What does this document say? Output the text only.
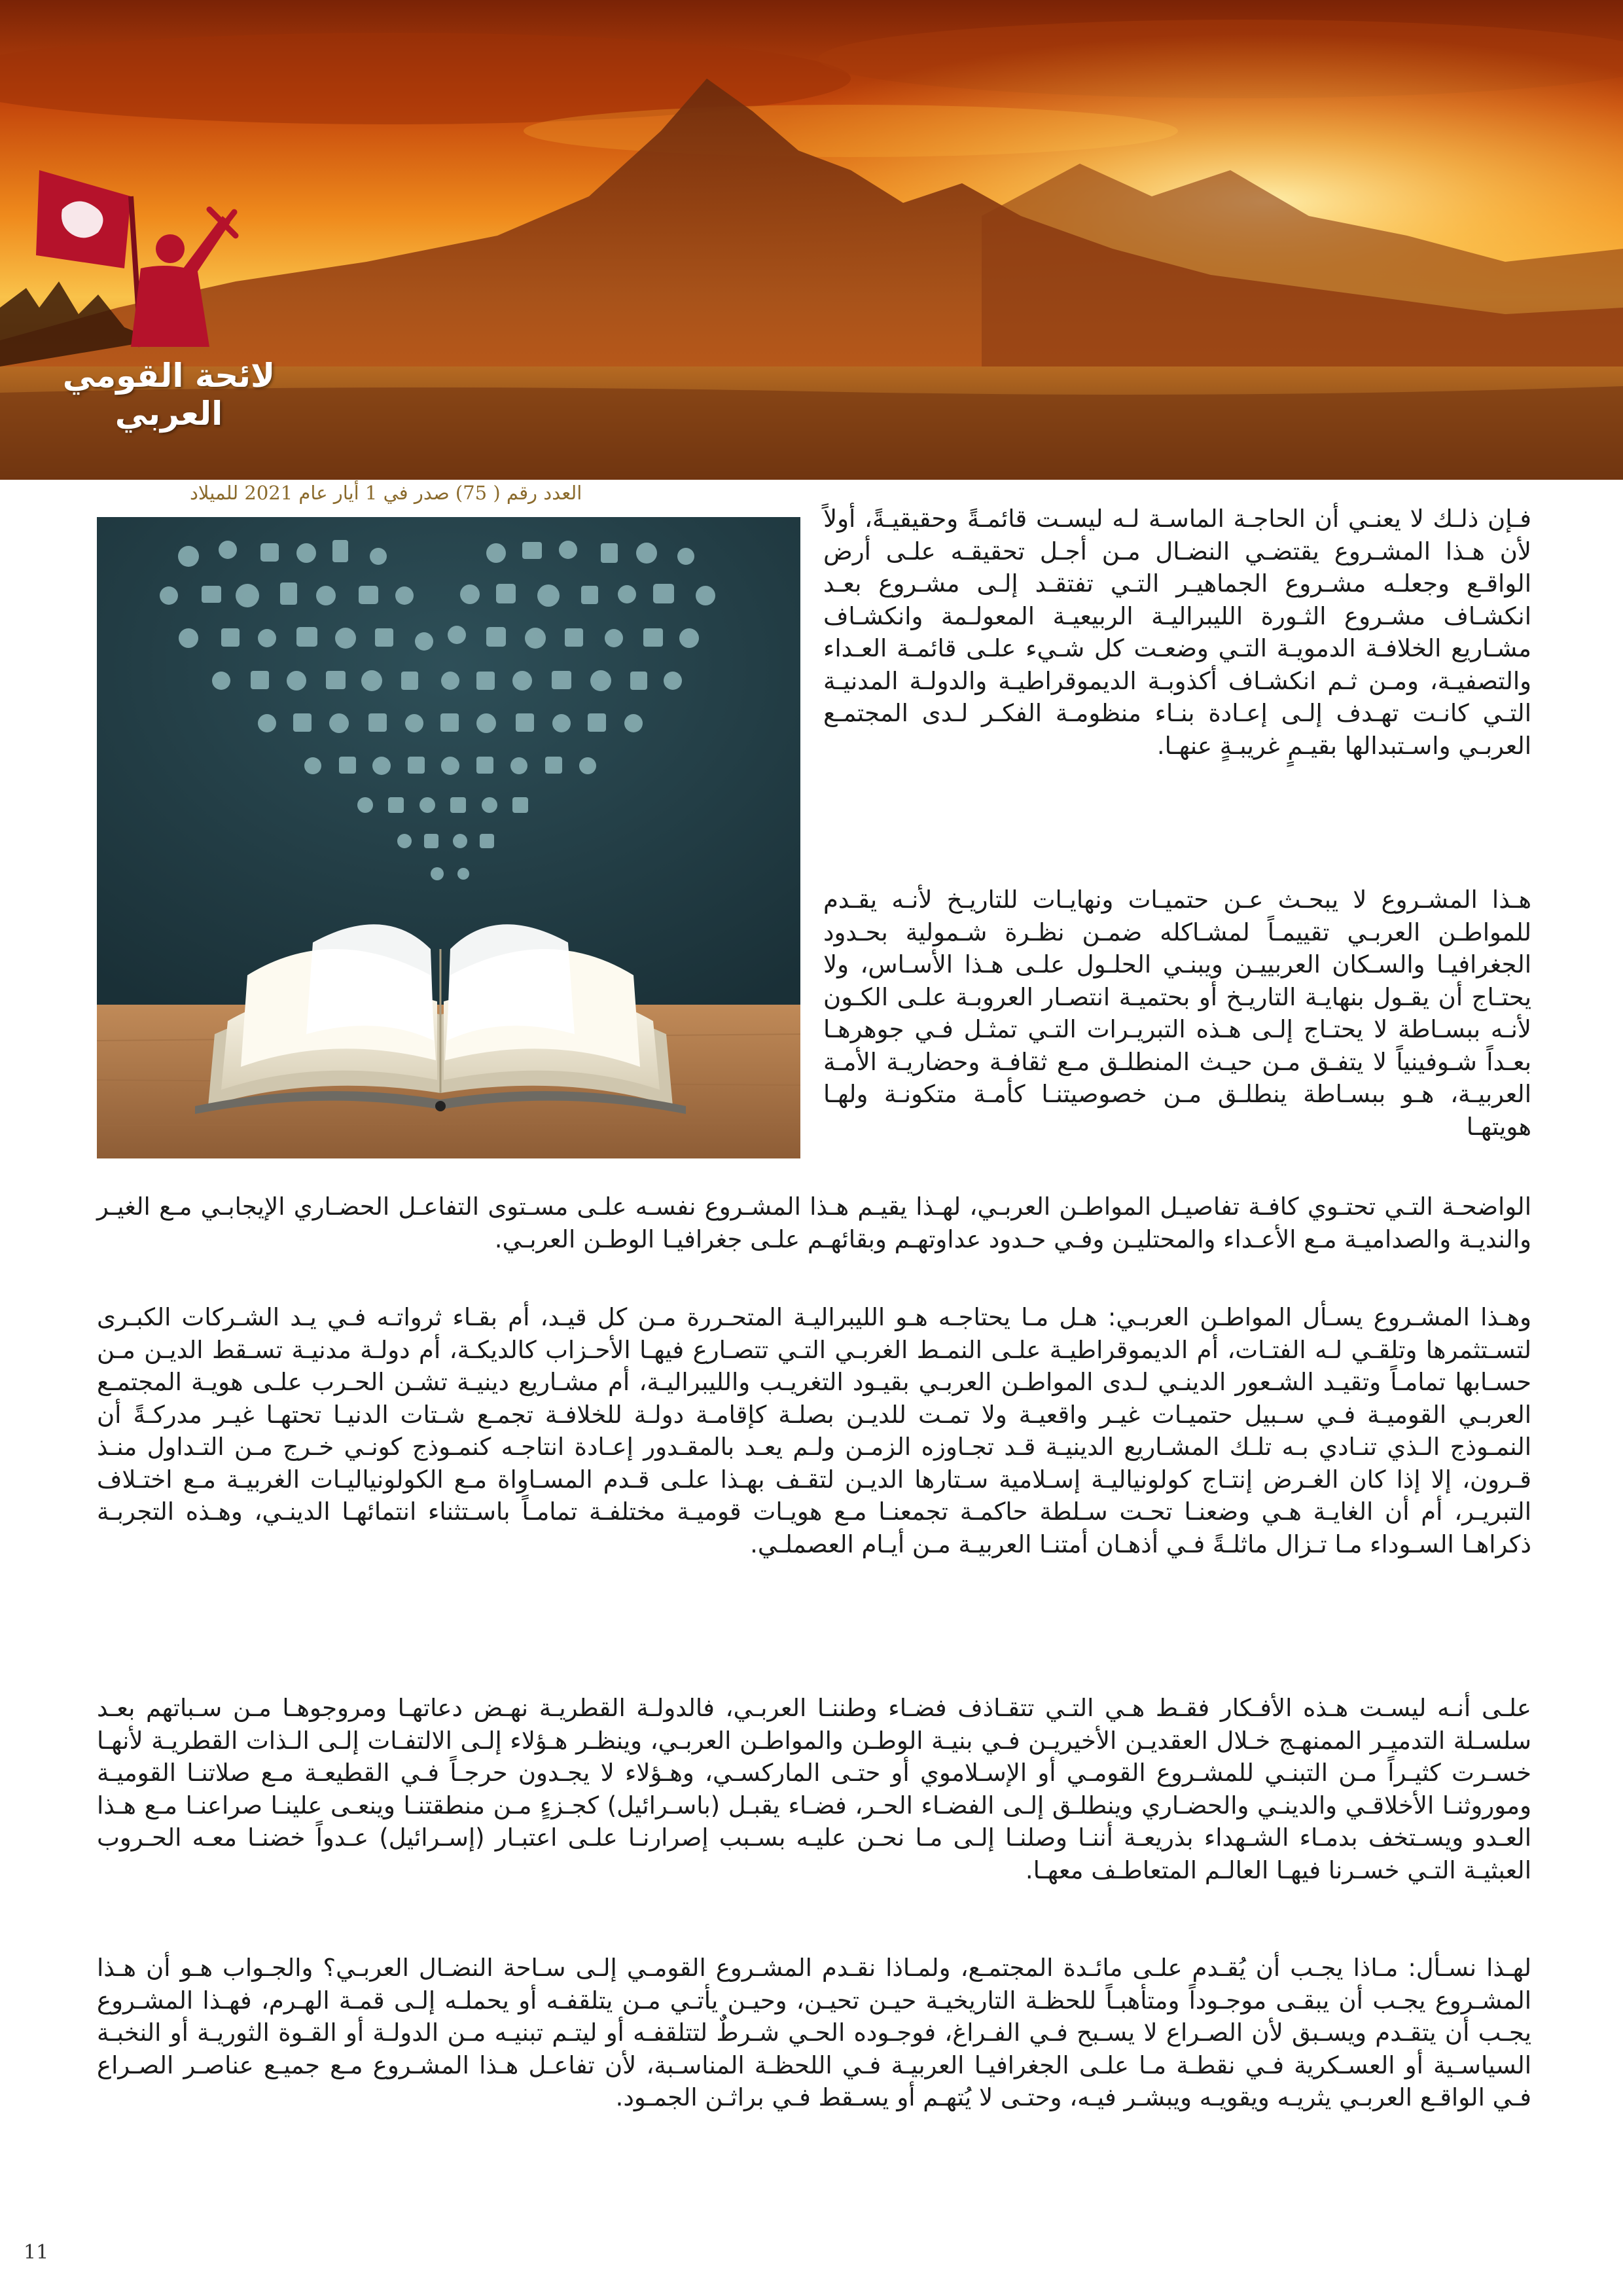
لائحة القومي العربي
العدد رقم ( 75) صدر في 1 أيار عام 2021 للميلاد

فـإن ذلـك لا يعنـي أن الحاجـة الماسـة لـه ليسـت قائمـةً وحقيقيـةً، أولاً لأن هـذا المشـروع يقتضـي النضـال مـن أجـل تحقيقـه علـى أرض الواقـع وجعلـه مشـروع الجماهيـر التـي تفتقـد إلـى مشـروع بعـد انكشـاف مشـروع الثـورة الليبراليـة الربيعيـة المعولـمة وانكشـاف مشـاريع الخلافـة الدمويـة التـي وضعـت كل شـيء علـى قائمـة العـداء والتصفيـة، ومـن ثـم انكشـاف أكذوبـة الديموقراطيـة والدولـة المدنيـة التـي كانـت تهـدف إلـى إعـادة بنـاء منظومـة الفكـر لـدى المجتمـع العربـي واسـتبدالها بقيـمٍ غريبـةٍ عنهـا.

هـذا المشـروع لا يبحـث عـن حتميـات ونهايـات للتاريـخ لأنـه يقـدم للمواطـن العربـي تقييمـاً لمشـاكله ضمـن نظـرة شـمولية بحـدود الجغرافيـا والسـكان العربييـن ويبنـي الحلـول علـى هـذا الأسـاس، ولا يحتـاج أن يقـول بنهايـة التاريـخ أو بحتميـة انتصـار العروبـة علـى الكـون لأنـه ببسـاطة لا يحتـاج إلـى هـذه التبريـرات التـي تمثـل فـي جوهرهـا بعـداً شـوفينياً لا يتفـق مـن حيـث المنطلـق مـع ثقافـة وحضاريـة الأمـة العربيـة، هـو ببسـاطة ينطلـق مـن خصوصيتنـا كأمـة متكونـة ولهـا هويتهـا

الواضحـة التـي تحتـوي كافـة تفاصيـل المواطـن العربـي، لهـذا يقيـم هـذا المشـروع نفسـه علـى مسـتوى التفاعـل الحضـاري الإيجابـي مـع الغيـر والنديـة والصداميـة مـع الأعـداء والمحتليـن وفـي حـدود عداوتهـم وبقائهـم علـى جغرافيـا الوطـن العربـي.

وهـذا المشـروع يسـأل المواطـن العربـي: هـل مـا يحتاجـه هـو الليبراليـة المتحـررة مـن كل قيـد، أم بقـاء ثرواتـه فـي يـد الشـركات الكبـرى لتسـتثمرها وتلقـي لـه الفتـات، أم الديموقراطيـة علـى النمـط الغربـي التـي تتصـارع فيهـا الأحـزاب كالديكـة، أم دولـة مدنيـة تسـقط الديـن مـن حسـابها تمامـاً وتقيـد الشـعور الدينـي لـدى المواطـن العربـي بقيـود التغريـب والليبراليـة، أم مشـاريع دينيـة تشـن الحـرب علـى هويـة المجتمـع العربـي القوميـة فـي سـبيل حتميـات غيـر واقعيـة ولا تمـت للديـن بصلـة كإقامـة دولـة للخلافـة تجمـع شـتات الدنيـا تحتهـا غيـر مدركـةً أن النمـوذج الـذي تنـادي بـه تلـك المشـاريع الدينيـة قـد تجـاوزه الزمـن ولـم يعـد بالمقـدور إعـادة انتاجـه كنمـوذج كونـي خـرج مـن التـداول منـذ قـرون، إلا إذا كان الغـرض إنتـاج كولونياليـة إسـلامية سـتارها الديـن لتقـف بهـذا علـى قـدم المسـاواة مـع الكولونياليـات الغربيـة مـع اختـلاف التبريـر، أم أن الغايـة هـي وضعنـا تحـت سـلطة حاكمـة تجمعنـا مـع هويـات قوميـة مختلفـة تمامـاً باسـتثناء انتمائهـا الدينـي، وهـذه التجربـة ذكراهـا السـوداء مـا تـزال ماثلـةً فـي أذهـان أمتنـا العربيـة مـن أيـام العصملـي.

علـى أنـه ليسـت هـذه الأفـكار فقـط هـي التـي تتقـاذف فضـاء وطننـا العربـي، فالدولـة القطريـة نهـض دعاتهـا ومروجوهـا مـن سـباتهم بعـد سلسـلة التدميـر الممنهـج خـلال العقديـن الأخيريـن فـي بنيـة الوطـن والمواطـن العربـي، وينظـر هـؤلاء إلـى الالتفـات إلـى الـذات القطريـة لأنهـا خسـرت كثيـراً مـن التبنـي للمشـروع القومـي أو الإسـلاموي أو حتـى الماركسـي، وهـؤلاء لا يجـدون حرجـاً فـي القطيعـة مـع صلاتنـا القوميـة وموروثنـا الأخلاقـي والدينـي والحضـاري وينطلـق إلـى الفضـاء الحـر، فضـاء يقبـل (باسـرائيل) كجـزءٍ مـن منطقتنـا وينعـى علينـا صراعنـا مـع هـذا العـدو ويسـتخف بدمـاء الشـهداء بذريعـة أننـا وصلنـا إلـى مـا نحـن عليـه بسـبب إصرارنـا علـى اعتبـار (إسـرائيل) عـدواً خضنـا معـه الحـروب العبثيـة التـي خسـرنا فيهـا العالـم المتعاطـف معهـا.

لهـذا نسـأل: مـاذا يجـب أن يُقـدم علـى مائـدة المجتمـع، ولمـاذا نقـدم المشـروع القومـي إلـى سـاحة النضـال العربـي؟ والجـواب هـو أن هـذا المشـروع يجـب أن يبقـى موجـوداً ومتأهبـاً للحظـة التاريخيـة حيـن تحيـن، وحيـن يأتـي مـن يتلقفـه أو يحملـه إلـى قمـة الهـرم، فهـذا المشـروع يجـب أن يتقـدم ويسـبق لأن الصـراع لا يسـبح فـي الفـراغ، فوجـوده الحـي شـرطٌ لتتلقفـه أو ليتـم تبنيـه مـن الدولـة أو القـوة الثوريـة أو النخبـة السياسـية أو العسـكرية فـي نقطـة مـا علـى الجغرافيـا العربيـة فـي اللحظـة المناسـبة، لأن تفاعـل هـذا المشـروع مـع جميـع عناصـر الصـراع فـي الواقـع العربـي يثريـه ويقويـه ويبشـر فيـه، وحتـى لا يُتهـم أو يسـقط فـي براثـن الجمـود.

11
